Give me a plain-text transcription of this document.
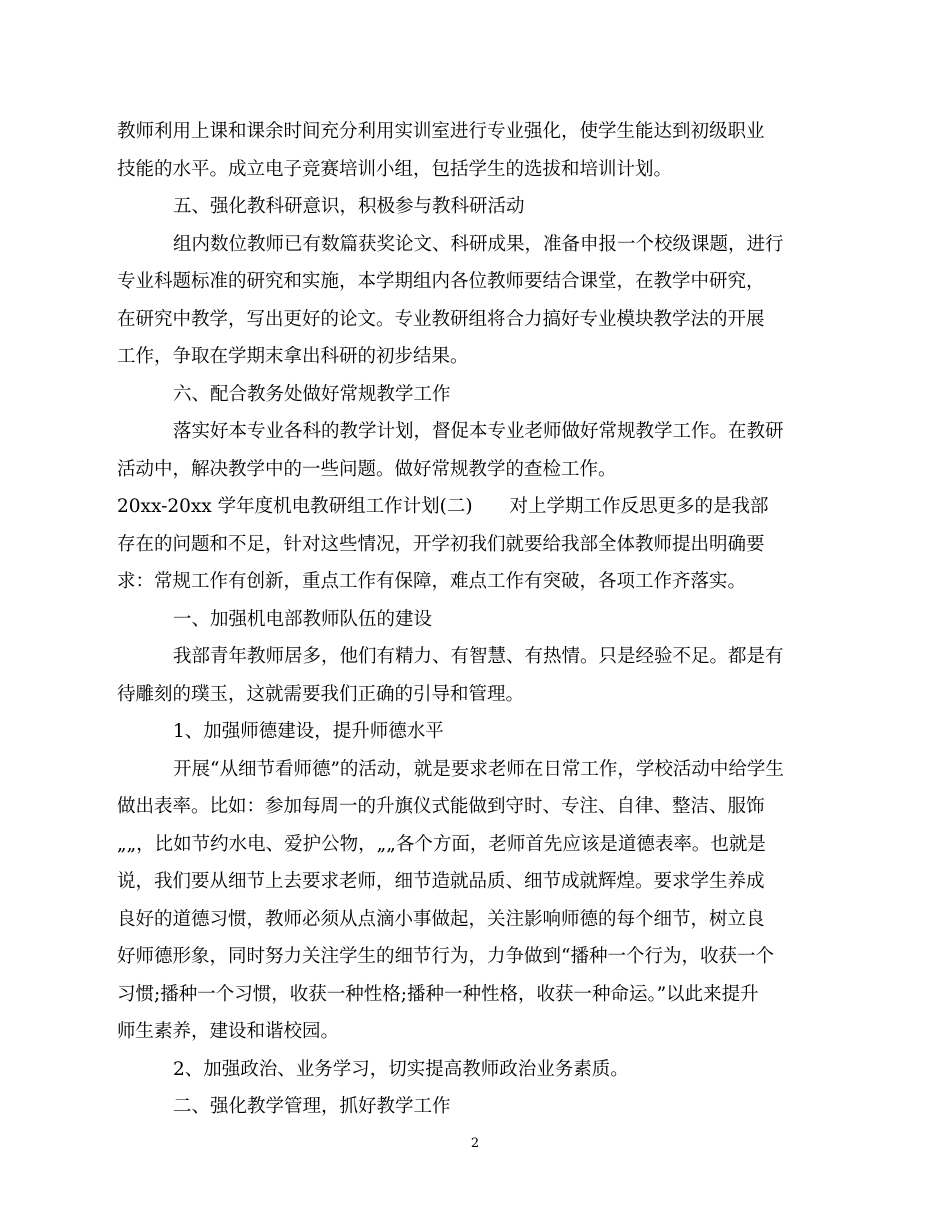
教师利用上课和课余时间充分利用实训室进行专业强化，使学生能达到初级职业
技能的水平。成立电子竞赛培训小组，包括学生的选拔和培训计划。
五、强化教科研意识，积极参与教科研活动
组内数位教师已有数篇获奖论文、科研成果，准备申报一个校级课题，进行
专业科题标准的研究和实施，本学期组内各位教师要结合课堂，在教学中研究，
在研究中教学，写出更好的论文。专业教研组将合力搞好专业模块教学法的开展
工作，争取在学期末拿出科研的初步结果。
六、配合教务处做好常规教学工作
落实好本专业各科的教学计划，督促本专业老师做好常规教学工作。在教研
活动中，解决教学中的一些问题。做好常规教学的查检工作。
20xx-20xx 学年度机电教研组工作计划(二)　　对上学期工作反思更多的是我部
存在的问题和不足，针对这些情况，开学初我们就要给我部全体教师提出明确要
求：常规工作有创新，重点工作有保障，难点工作有突破，各项工作齐落实。
一、加强机电部教师队伍的建设
我部青年教师居多，他们有精力、有智慧、有热情。只是经验不足。都是有
待雕刻的璞玉，这就需要我们正确的引导和管理。
1、加强师德建设，提升师德水平
开展“从细节看师德”的活动，就是要求老师在日常工作，学校活动中给学生
做出表率。比如：参加每周一的升旗仪式能做到守时、专注、自律、整洁、服饰
„„，比如节约水电、爱护公物，„„各个方面，老师首先应该是道德表率。也就是
说，我们要从细节上去要求老师，细节造就品质、细节成就辉煌。要求学生养成
良好的道德习惯，教师必须从点滴小事做起，关注影响师德的每个细节，树立良
好师德形象，同时努力关注学生的细节行为，力争做到“播种一个行为，收获一个
习惯;播种一个习惯，收获一种性格;播种一种性格，收获一种命运。”以此来提升
师生素养，建设和谐校园。
2、加强政治、业务学习，切实提高教师政治业务素质。
二、强化教学管理，抓好教学工作
2
